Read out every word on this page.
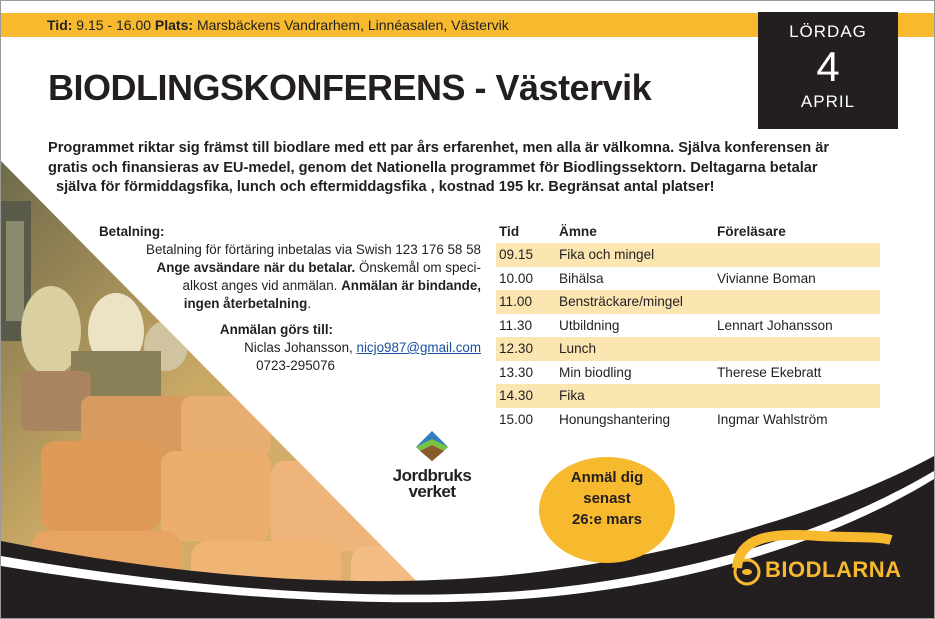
Tid: 9.15 - 16.00 Plats: Marsbäckens Vandrarhem, Linnéasalen, Västervik	LÖRDAG
4
APRIL
BIODLINGSKONFERENS - Västervik
Programmet riktar sig främst till biodlare med ett par års erfarenhet, men alla är välkomna. Själva konferensen är
gratis och finansieras av EU-medel, genom det Nationella programmet för Biodlingssektorn. Deltagarna betalar
själva för förmiddagsfika, lunch och eftermiddagsfika , kostnad 195 kr. Begränsat antal platser!
Betalning:
Betalning för förtäring inbetalas via Swish 123 176 58 58
Ange avsändare när du betalar. Önskemål om speci-
alkost anges vid anmälan. Anmälan är bindande,
ingen återbetalning.
Anmälan görs till:
Niclas Johansson, nicjo987@gmail.com
0723-295076
Tid	Ämne	Föreläsare
09.15	Fika och mingel	
10.00	Bihälsa	Vivianne Boman
11.00	Bensträckare/mingel	
11.30	Utbildning	Lennart Johansson
12.30	Lunch	
13.30	Min biodling	Therese Ekebratt
14.30	Fika	
15.00	Honungshantering	Ingmar Wahlström
Jordbruks
verket
Anmäl dig
senast
26:e mars
BIODLARNA
